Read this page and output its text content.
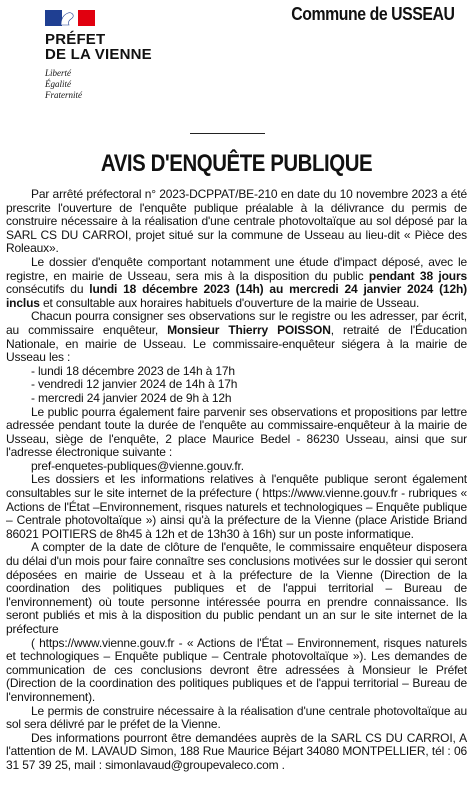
PRÉFET
DE LA VIENNE
Liberté
Égalité
Fraternité
Commune de USSEAU
AVIS D'ENQUÊTE PUBLIQUE

Par arrêté préfectoral n° 2023-DCPPAT/BE-210 en date du 10 novembre 2023 a été prescrite l'ouverture de l'enquête publique préalable à la délivrance du permis de construire nécessaire à la réalisation d'une centrale photovoltaïque au sol déposé par la SARL CS DU CARROI, projet situé sur la commune de Usseau au lieu-dit « Pièce des Roleaux».

Le dossier d'enquête comportant notamment une étude d'impact déposé, avec le registre, en mairie de Usseau, sera mis à la disposition du public pendant 38 jours consécutifs du lundi 18 décembre 2023 (14h) au mercredi 24 janvier 2024 (12h) inclus et consultable aux horaires habituels d'ouverture de la mairie de Usseau.

Chacun pourra consigner ses observations sur le registre ou les adresser, par écrit, au commissaire enquêteur, Monsieur Thierry POISSON, retraité de l'Éducation Nationale, en mairie de Usseau. Le commissaire-enquêteur siégera à la mairie de Usseau les :

- lundi 18 décembre 2023 de 14h à 17h
- vendredi 12 janvier 2024 de 14h à 17h
- mercredi 24 janvier 2024 de 9h à 12h

Le public pourra également faire parvenir ses observations et propositions par lettre adressée pendant toute la durée de l'enquête au commissaire-enquêteur à la mairie de Usseau, siège de l'enquête, 2 place Maurice Bedel - 86230 Usseau, ainsi que sur l'adresse électronique suivante :

pref-enquetes-publiques@vienne.gouv.fr.

Les dossiers et les informations relatives à l'enquête publique seront également consultables sur le site internet de la préfecture ( https://www.vienne.gouv.fr - rubriques « Actions de l'État –Environnement, risques naturels et technologiques – Enquête publique – Centrale photovoltaïque ») ainsi qu'à la préfecture de la Vienne (place Aristide Briand 86021 POITIERS de 8h45 à 12h et de 13h30 à 16h) sur un poste informatique.

A compter de la date de clôture de l'enquête, le commissaire enquêteur disposera du délai d'un mois pour faire connaître ses conclusions motivées sur le dossier qui seront déposées en mairie de Usseau et à la préfecture de la Vienne (Direction de la coordination des politiques publiques et de l'appui territorial – Bureau de l'environnement) où toute personne intéressée pourra en prendre connaissance. Ils seront publiés et mis à la disposition du public pendant un an sur le site internet de la préfecture

( https://www.vienne.gouv.fr - « Actions de l'État – Environnement, risques naturels et technologiques – Enquête publique – Centrale photovoltaïque »). Les demandes de communication de ces conclusions devront être adressées à Monsieur le Préfet (Direction de la coordination des politiques publiques et de l'appui territorial – Bureau de l'environnement).

Le permis de construire nécessaire à la réalisation d'une centrale photovoltaïque au sol sera délivré par le préfet de la Vienne.

Des informations pourront être demandées auprès de la SARL CS DU CARROI, A l'attention de M. LAVAUD Simon, 188 Rue Maurice Béjart 34080 MONTPELLIER, tél : 06 31 57 39 25, mail : simonlavaud@groupevaleco.com .
